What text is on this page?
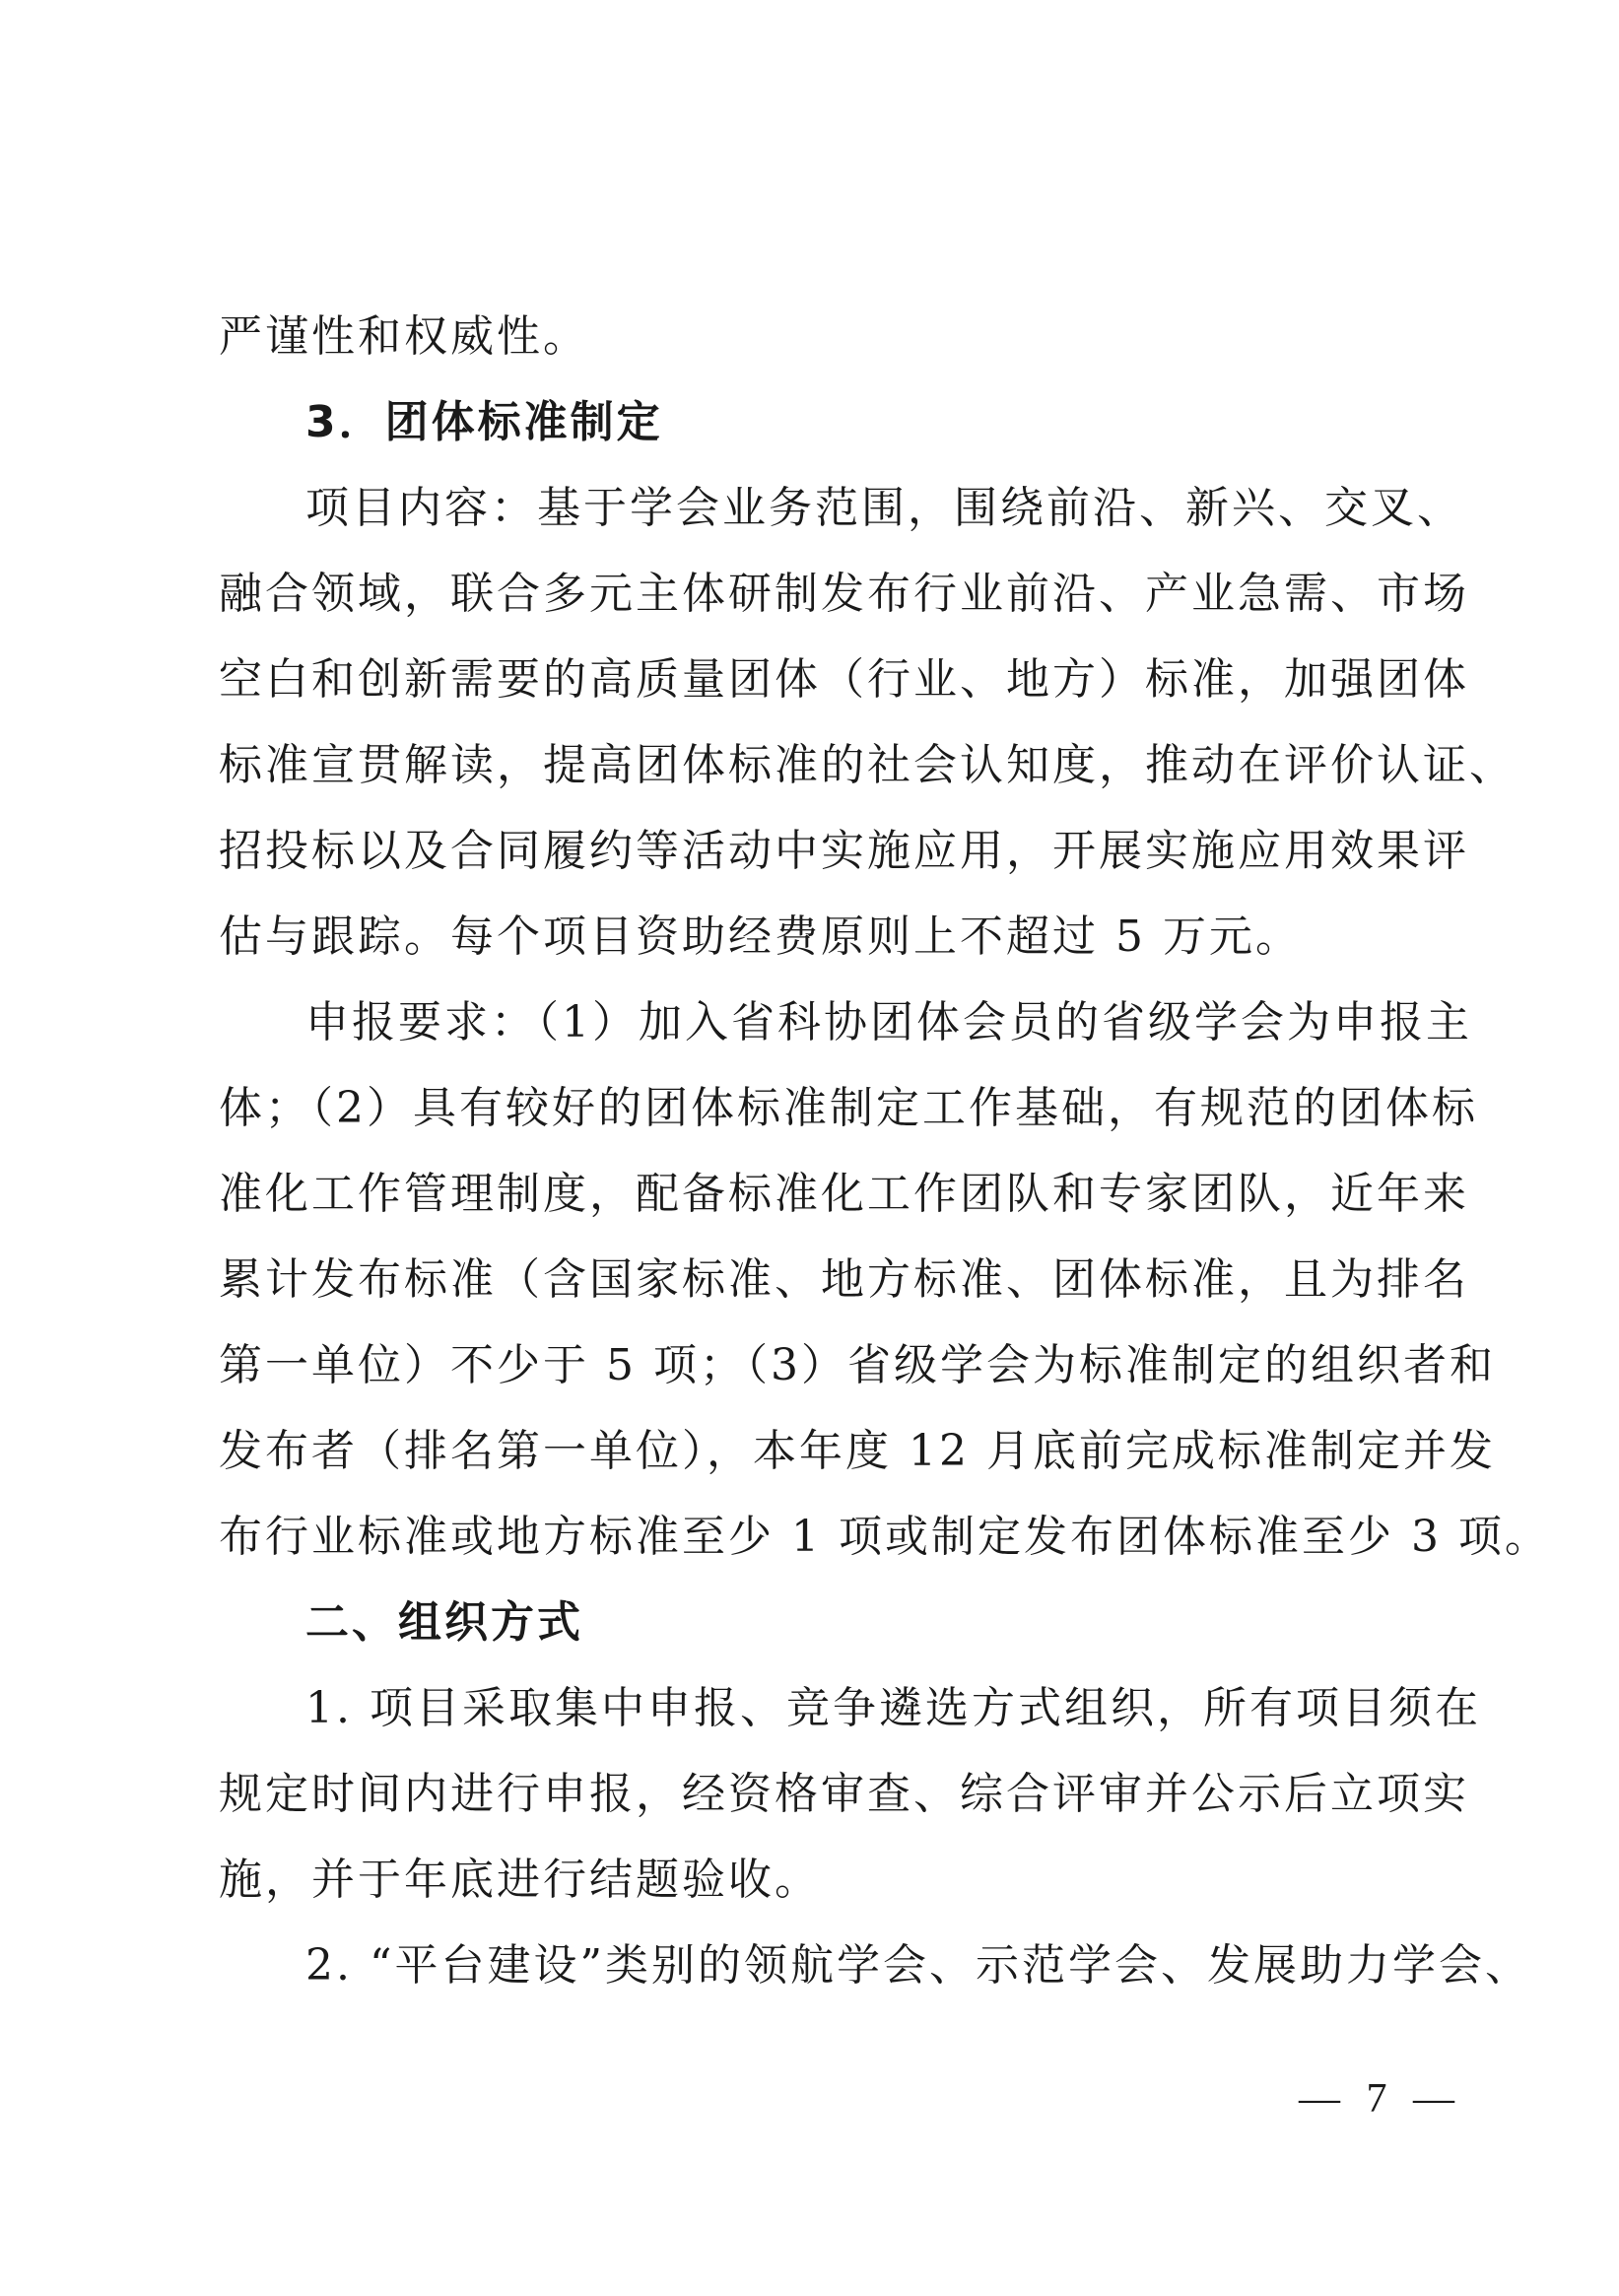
严谨性和权威性。
3．团体标准制定
项目内容：基于学会业务范围，围绕前沿、新兴、交叉、
融合领域，联合多元主体研制发布行业前沿、产业急需、市场
空白和创新需要的高质量团体（行业、地方）标准，加强团体
标准宣贯解读，提高团体标准的社会认知度，推动在评价认证、
招投标以及合同履约等活动中实施应用，开展实施应用效果评
估与跟踪。每个项目资助经费原则上不超过 5 万元。
申报要求：（1）加入省科协团体会员的省级学会为申报主
体；（2）具有较好的团体标准制定工作基础，有规范的团体标
准化工作管理制度，配备标准化工作团队和专家团队，近年来
累计发布标准（含国家标准、地方标准、团体标准，且为排名
第一单位）不少于 5 项；（3）省级学会为标准制定的组织者和
发布者（排名第一单位），本年度 12 月底前完成标准制定并发
布行业标准或地方标准至少 1 项或制定发布团体标准至少 3 项。
二、组织方式
1. 项目采取集中申报、竞争遴选方式组织，所有项目须在
规定时间内进行申报，经资格审查、综合评审并公示后立项实
施，并于年底进行结题验收。
2. “平台建设”类别的领航学会、示范学会、发展助力学会、
— 7 —
